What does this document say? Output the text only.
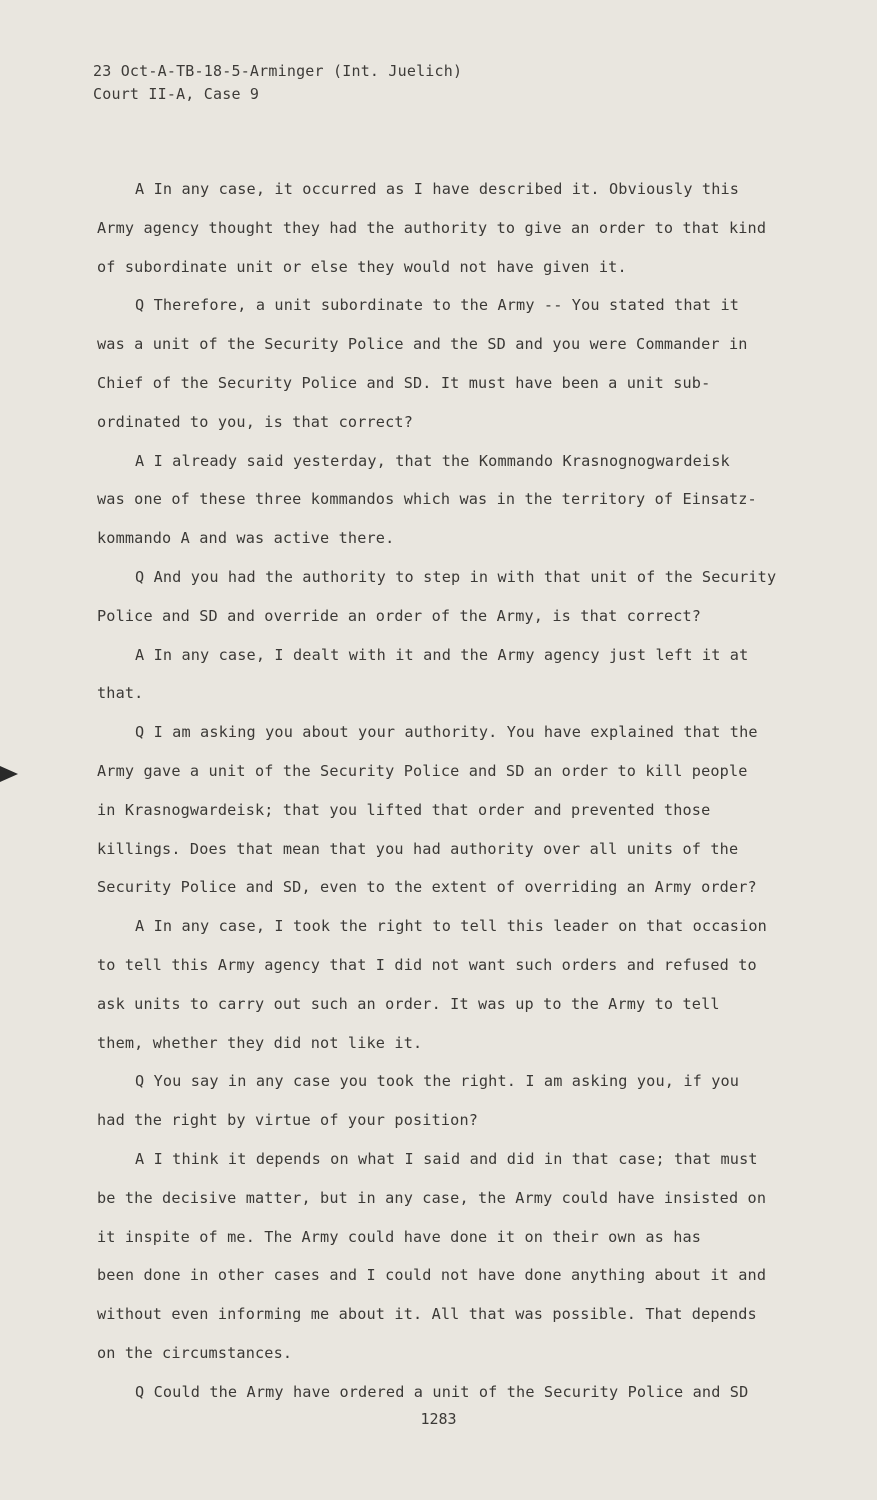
23 Oct-A-TB-18-5-Arminger (Int. Juelich)
Court II-A, Case 9
A In any case, it occurred as I have described it. Obviously this
Army agency thought they had the authority to give an order to that kind
of subordinate unit or else they would not have given it.
Q Therefore, a unit subordinate to the Army -- You stated that it
was a unit of the Security Police and the SD and you were Commander in
Chief of the Security Police and SD. It must have been a unit sub-
ordinated to you, is that correct?
A I already said yesterday, that the Kommando Krasnognogwardeisk
was one of these three kommandos which was in the territory of Einsatz-
kommando A and was active there.
Q And you had the authority to step in with that unit of the Security
Police and SD and override an order of the Army, is that correct?
A In any case, I dealt with it and the Army agency just left it at
that.
Q I am asking you about your authority. You have explained that the
Army gave a unit of the Security Police and SD an order to kill people
in Krasnogwardeisk; that you lifted that order and prevented those
killings. Does that mean that you had authority over all units of the
Security Police and SD, even to the extent of overriding an Army order?
A In any case, I took the right to tell this leader on that occasion
to tell this Army agency that I did not want such orders and refused to
ask units to carry out such an order. It was up to the Army to tell
them, whether they did not like it.
Q You say in any case you took the right. I am asking you, if you
had the right by virtue of your position?
A I think it depends on what I said and did in that case; that must
be the decisive matter, but in any case, the Army could have insisted on
it inspite of me. The Army could have done it on their own as has
been done in other cases and I could not have done anything about it and
without even informing me about it. All that was possible. That depends
on the circumstances.
Q Could the Army have ordered a unit of the Security Police and SD
1283
